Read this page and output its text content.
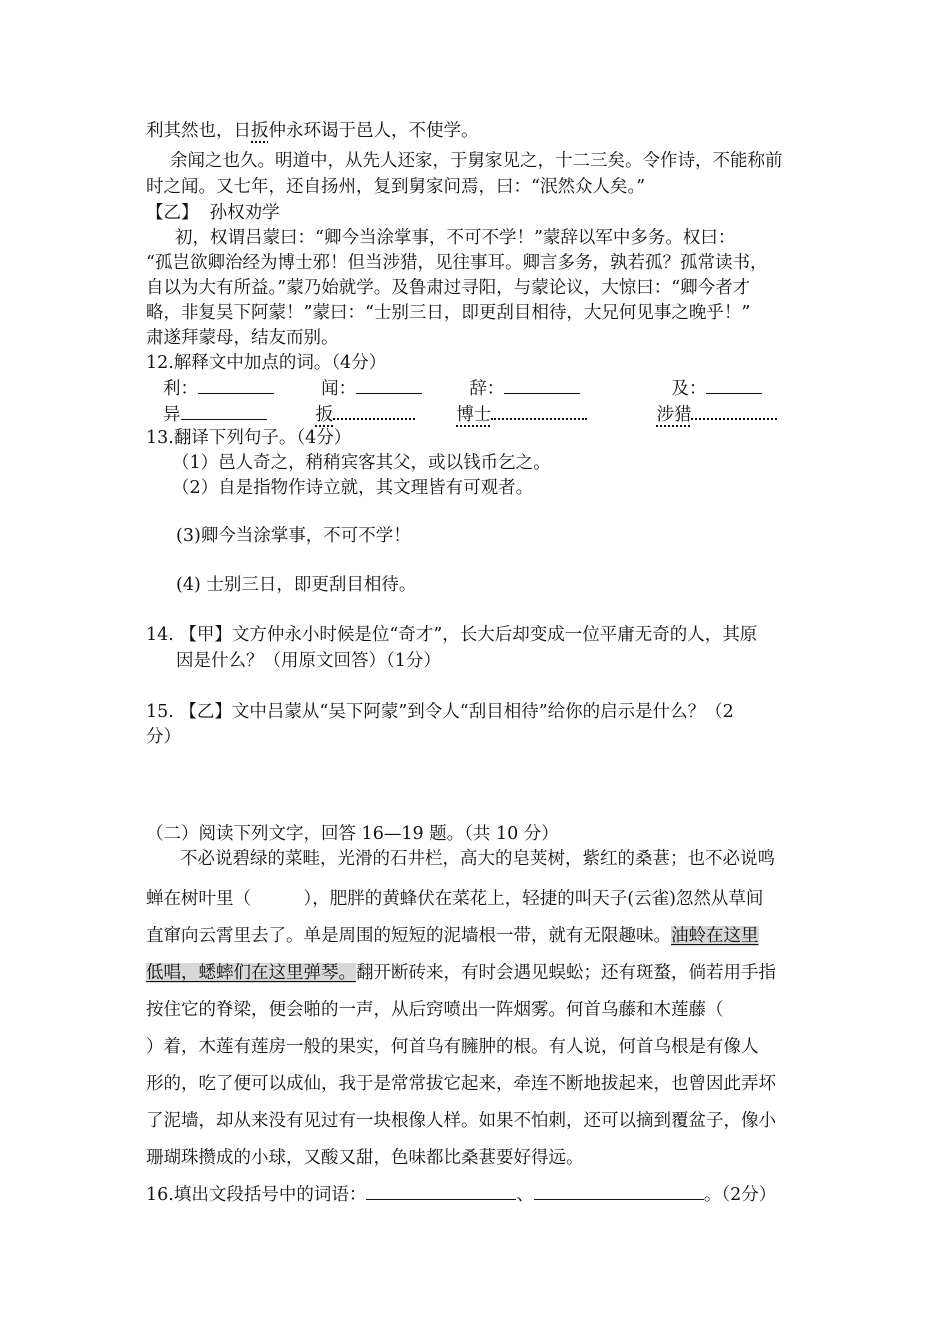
利其然也，日扳仲永环谒于邑人，不使学。
余闻之也久。明道中，从先人还家，于舅家见之，十二三矣。令作诗，不能称前
时之闻。又七年，还自扬州，复到舅家问焉，曰：“泯然众人矣。”
【乙】 孙权劝学
初，权谓吕蒙曰：“卿今当涂掌事，不可不学！”蒙辞以军中多务。权曰：
“孤岂欲卿治经为博士邪！但当涉猎，见往事耳。卿言多务，孰若孤？孤常读书，
自以为大有所益。”蒙乃始就学。及鲁肃过寻阳，与蒙论议，大惊曰：“卿今者才
略，非复吴下阿蒙！”蒙曰：“士别三日，即更刮目相待，大兄何见事之晚乎！”
肃遂拜蒙母，结友而别。
12.解释文中加点的词。（4分）
利：	闻：	辞：	及：
异	扳	博士	涉猎
13.翻译下列句子。（4分）
（1）邑人奇之，稍稍宾客其父，或以钱币乞之。
（2）自是指物作诗立就，其文理皆有可观者。
(3)卿今当涂掌事，不可不学！
(4) 士别三日，即更刮目相待。
14. 【甲】文方仲永小时候是位“奇才”，长大后却变成一位平庸无奇的人，其原
因是什么？（用原文回答）（1分）
15. 【乙】文中吕蒙从“吴下阿蒙”到令人“刮目相待”给你的启示是什么？（2
分）
（二）阅读下列文字，回答 16—19 题。（共 10 分）
不必说碧绿的菜畦，光滑的石井栏，高大的皂荚树，紫红的桑葚；也不必说鸣
蝉在树叶里（　　　），肥胖的黄蜂伏在菜花上，轻捷的叫天子(云雀)忽然从草间
直窜向云霄里去了。单是周围的短短的泥墙根一带，就有无限趣味。油蛉在这里
低唱，蟋蟀们在这里弹琴。翻开断砖来，有时会遇见蜈蚣；还有斑蝥，倘若用手指
按住它的脊梁，便会啪的一声，从后窍喷出一阵烟雾。何首乌藤和木莲藤（
）着，木莲有莲房一般的果实，何首乌有臃肿的根。有人说，何首乌根是有像人
形的，吃了便可以成仙，我于是常常拔它起来，牵连不断地拔起来，也曾因此弄坏
了泥墙，却从来没有见过有一块根像人样。如果不怕刺，还可以摘到覆盆子，像小
珊瑚珠攒成的小球，又酸又甜，色味都比桑葚要好得远。
16.填出文段括号中的词语：	、	。（2分）
